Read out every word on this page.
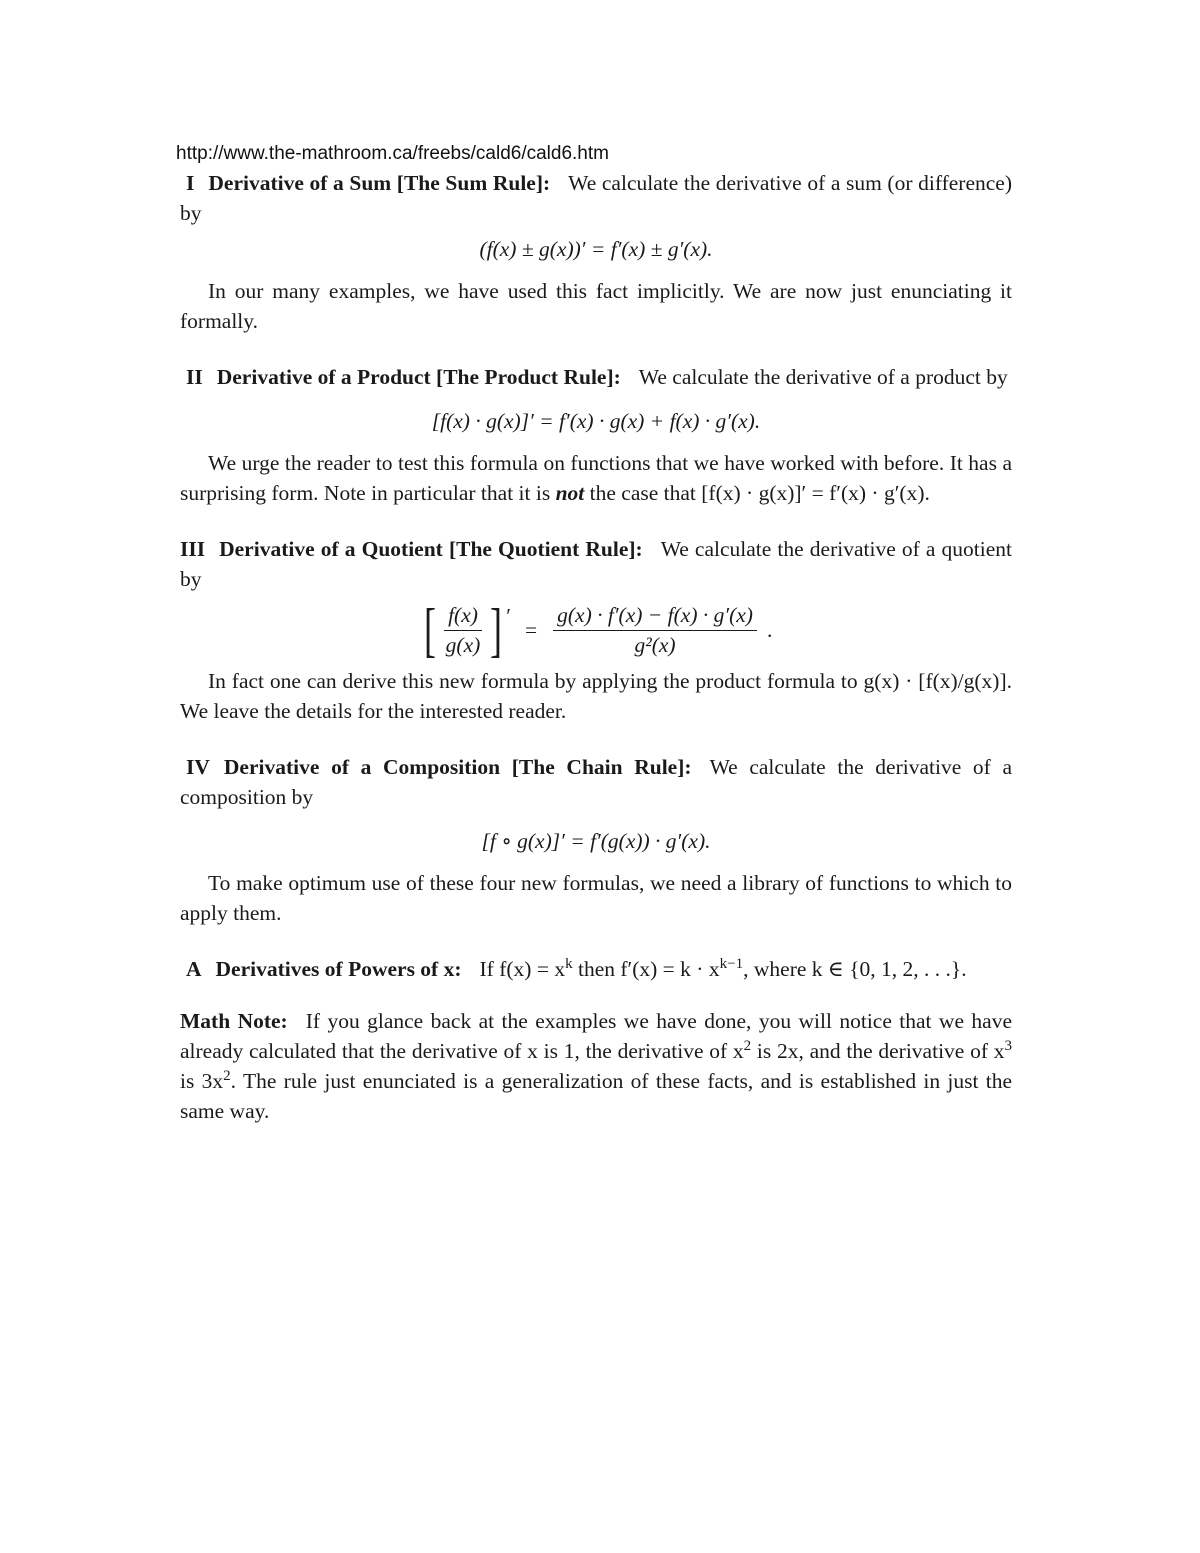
http://www.the-mathroom.ca/freebs/cald6/cald6.htm

I Derivative of a Sum [The Sum Rule]: We calculate the derivative of a sum (or difference) by

(f(x) ± g(x))′ = f′(x) ± g′(x).

In our many examples, we have used this fact implicitly. We are now just enunciating it formally.

II Derivative of a Product [The Product Rule]: We calculate the derivative of a product by

[f(x) · g(x)]′ = f′(x) · g(x) + f(x) · g′(x).

We urge the reader to test this formula on functions that we have worked with before. It has a surprising form. Note in particular that it is not the case that [f(x) · g(x)]′ = f′(x) · g′(x).

III Derivative of a Quotient [The Quotient Rule]: We calculate the derivative of a quotient by

[ $\frac{f(x)}{g(x)}$ ] ′
= $\frac{g(x) \cdot f'(x) - f(x) \cdot g'(x)}{\text{g²(x)}}$ .

In fact one can derive this new formula by applying the product formula to g(x) · [f(x)/g(x)]. We leave the details for the interested reader.

IV Derivative of a Composition [The Chain Rule]: We calculate the derivative of a composition by

[f ∘ g(x)]′ = f′(g(x)) · g′(x).

To make optimum use of these four new formulas, we need a library of functions to which to apply them.

A Derivatives of Powers of x: If $f(x) = x^k$ then $f'(x) = k \cdot x^{k-1}$, where k ∈ {0, 1, 2, . . .}.

Math Note: If you glance back at the examples we have done, you will notice that we have already calculated that the derivative of x is 1, the derivative of $x^2$ is 2x, and the derivative of $x^3$ is $3x^2$. The rule just enunciated is a generalization of these facts, and is established in just the same way.
